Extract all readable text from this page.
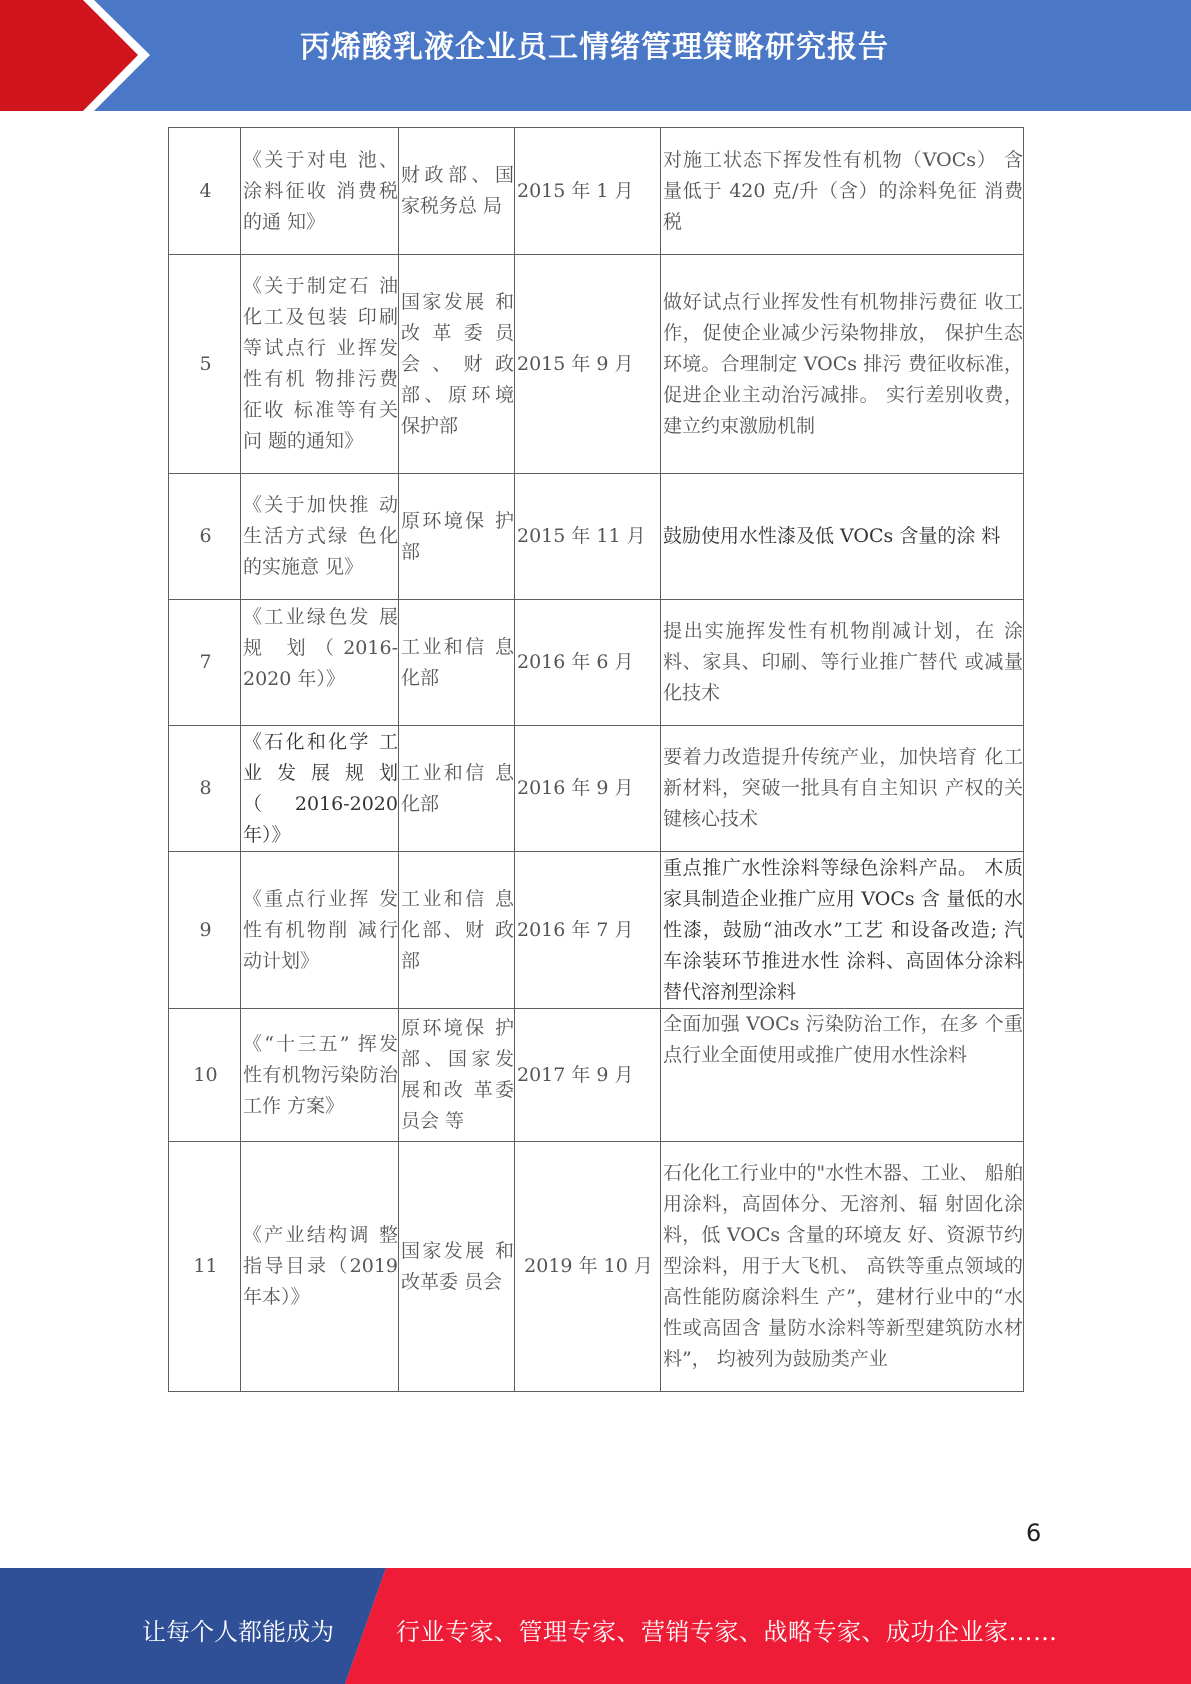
丙烯酸乳液企业员工情绪管理策略研究报告
4	《关于对电 池、涂料征收 消费税的通 知》	财政部、国 家税务总 局	2015 年 1 月	对施工状态下挥发性有机物（VOCs） 含量低于 420 克/升（含）的涂料免征 消费税
5	《关于制定石 油化工及包装 印刷等试点行 业挥发性有机 物排污费征收 标准等有关问 题的通知》	国家发展 和改 革 委 员会、财政 部、原环境 保护部	2015 年 9 月	做好试点行业挥发性有机物排污费征 收工作，促使企业减少污染物排放， 保护生态环境。合理制定 VOCs 排污 费征收标准，促进企业主动治污减排。 实行差别收费，建立约束激励机制
6	《关于加快推 动生活方式绿 色化的实施意 见》	原环境保 护部	2015 年 11 月	鼓励使用水性漆及低 VOCs 含量的涂 料
7	《工业绿色发 展规 划（2016-2020 年）》	工业和信 息化部	2016 年 6 月	提出实施挥发性有机物削减计划，在 涂料、家具、印刷、等行业推广替代 或减量化技术
8	《石化和化学 工业发展规划（2016-2020 年）》	工业和信 息化部	2016 年 9 月	要着力改造提升传统产业，加快培育 化工新材料，突破一批具有自主知识 产权的关键核心技术
9	《重点行业挥 发性有机物削 减行动计划》	工业和信 息化部、财 政部	2016 年 7 月	重点推广水性涂料等绿色涂料产品。 木质家具制造企业推广应用 VOCs 含 量低的水性漆，鼓励“油改水”工艺 和设备改造; 汽车涂装环节推进水性 涂料、高固体分涂料替代溶剂型涂料
10	《“十三五” 挥发性有机物污染防治工作 方案》	原环境保 护部、国家发展和改 革委员会 等	2017 年 9 月	全面加强 VOCs 污染防治工作，在多 个重点行业全面使用或推广使用水性涂料
11	《产业结构调 整指导目录（2019 年本）》	国家发展 和改革委 员会	2019 年 10 月	石化化工行业中的"水性木器、工业、 船舶用涂料，高固体分、无溶剂、辐 射固化涂料，低 VOCs 含量的环境友 好、资源节约型涂料，用于大飞机、 高铁等重点领域的高性能防腐涂料生 产”，建材行业中的“水性或高固含 量防水涂料等新型建筑防水材料”， 均被列为鼓励类产业
6
让每个人都能成为	行业专家、管理专家、营销专家、战略专家、成功企业家……
